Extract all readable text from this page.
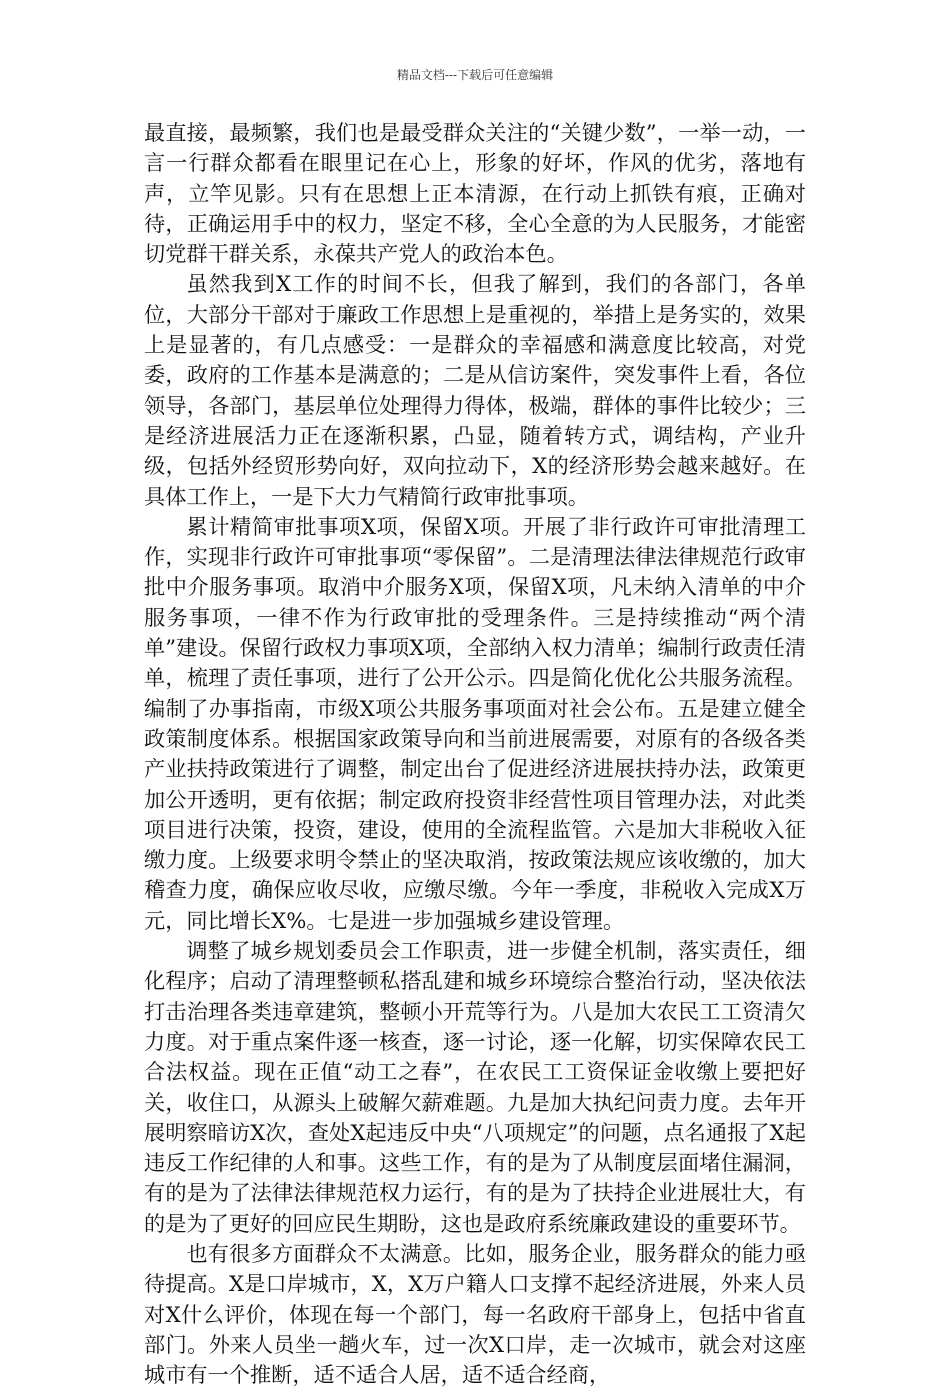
精品文档---下载后可任意编辑

最直接，最频繁，我们也是最受群众关注的“关键少数”，一举一动，一言一行群众都看在眼里记在心上，形象的好坏，作风的优劣，落地有声，立竿见影。只有在思想上正本清源，在行动上抓铁有痕，正确对待，正确运用手中的权力，坚定不移，全心全意的为人民服务，才能密切党群干群关系，永葆共产党人的政治本色。

虽然我到X工作的时间不长，但我了解到，我们的各部门，各单位，大部分干部对于廉政工作思想上是重视的，举措上是务实的，效果上是显著的，有几点感受：一是群众的幸福感和满意度比较高，对党委，政府的工作基本是满意的；二是从信访案件，突发事件上看，各位领导，各部门，基层单位处理得力得体，极端，群体的事件比较少；三是经济进展活力正在逐渐积累，凸显，随着转方式，调结构，产业升级，包括外经贸形势向好，双向拉动下，X的经济形势会越来越好。在具体工作上，一是下大力气精简行政审批事项。

累计精简审批事项X项，保留X项。开展了非行政许可审批清理工作，实现非行政许可审批事项“零保留”。二是清理法律法律规范行政审批中介服务事项。取消中介服务X项，保留X项，凡未纳入清单的中介服务事项，一律不作为行政审批的受理条件。三是持续推动“两个清单”建设。保留行政权力事项X项，全部纳入权力清单；编制行政责任清单，梳理了责任事项，进行了公开公示。四是简化优化公共服务流程。编制了办事指南，市级X项公共服务事项面对社会公布。五是建立健全政策制度体系。根据国家政策导向和当前进展需要，对原有的各级各类产业扶持政策进行了调整，制定出台了促进经济进展扶持办法，政策更加公开透明，更有依据；制定政府投资非经营性项目管理办法，对此类项目进行决策，投资，建设，使用的全流程监管。六是加大非税收入征缴力度。上级要求明令禁止的坚决取消，按政策法规应该收缴的，加大稽查力度，确保应收尽收，应缴尽缴。今年一季度，非税收入完成X万元，同比增长X%。七是进一步加强城乡建设管理。

调整了城乡规划委员会工作职责，进一步健全机制，落实责任，细化程序；启动了清理整顿私搭乱建和城乡环境综合整治行动，坚决依法打击治理各类违章建筑，整顿小开荒等行为。八是加大农民工工资清欠力度。对于重点案件逐一核查，逐一讨论，逐一化解，切实保障农民工合法权益。现在正值“动工之春”，在农民工工资保证金收缴上要把好关，收住口，从源头上破解欠薪难题。九是加大执纪问责力度。去年开展明察暗访X次，查处X起违反中央“八项规定”的问题，点名通报了X起违反工作纪律的人和事。这些工作，有的是为了从制度层面堵住漏洞，有的是为了法律法律规范权力运行，有的是为了扶持企业进展壮大，有的是为了更好的回应民生期盼，这也是政府系统廉政建设的重要环节。

也有很多方面群众不太满意。比如，服务企业，服务群众的能力亟待提高。X是口岸城市，X，X万户籍人口支撑不起经济进展，外来人员对X什么评价，体现在每一个部门，每一名政府干部身上，包括中省直部门。外来人员坐一趟火车，过一次X口岸，走一次城市，就会对这座城市有一个推断，适不适合人居，适不适合经商，
